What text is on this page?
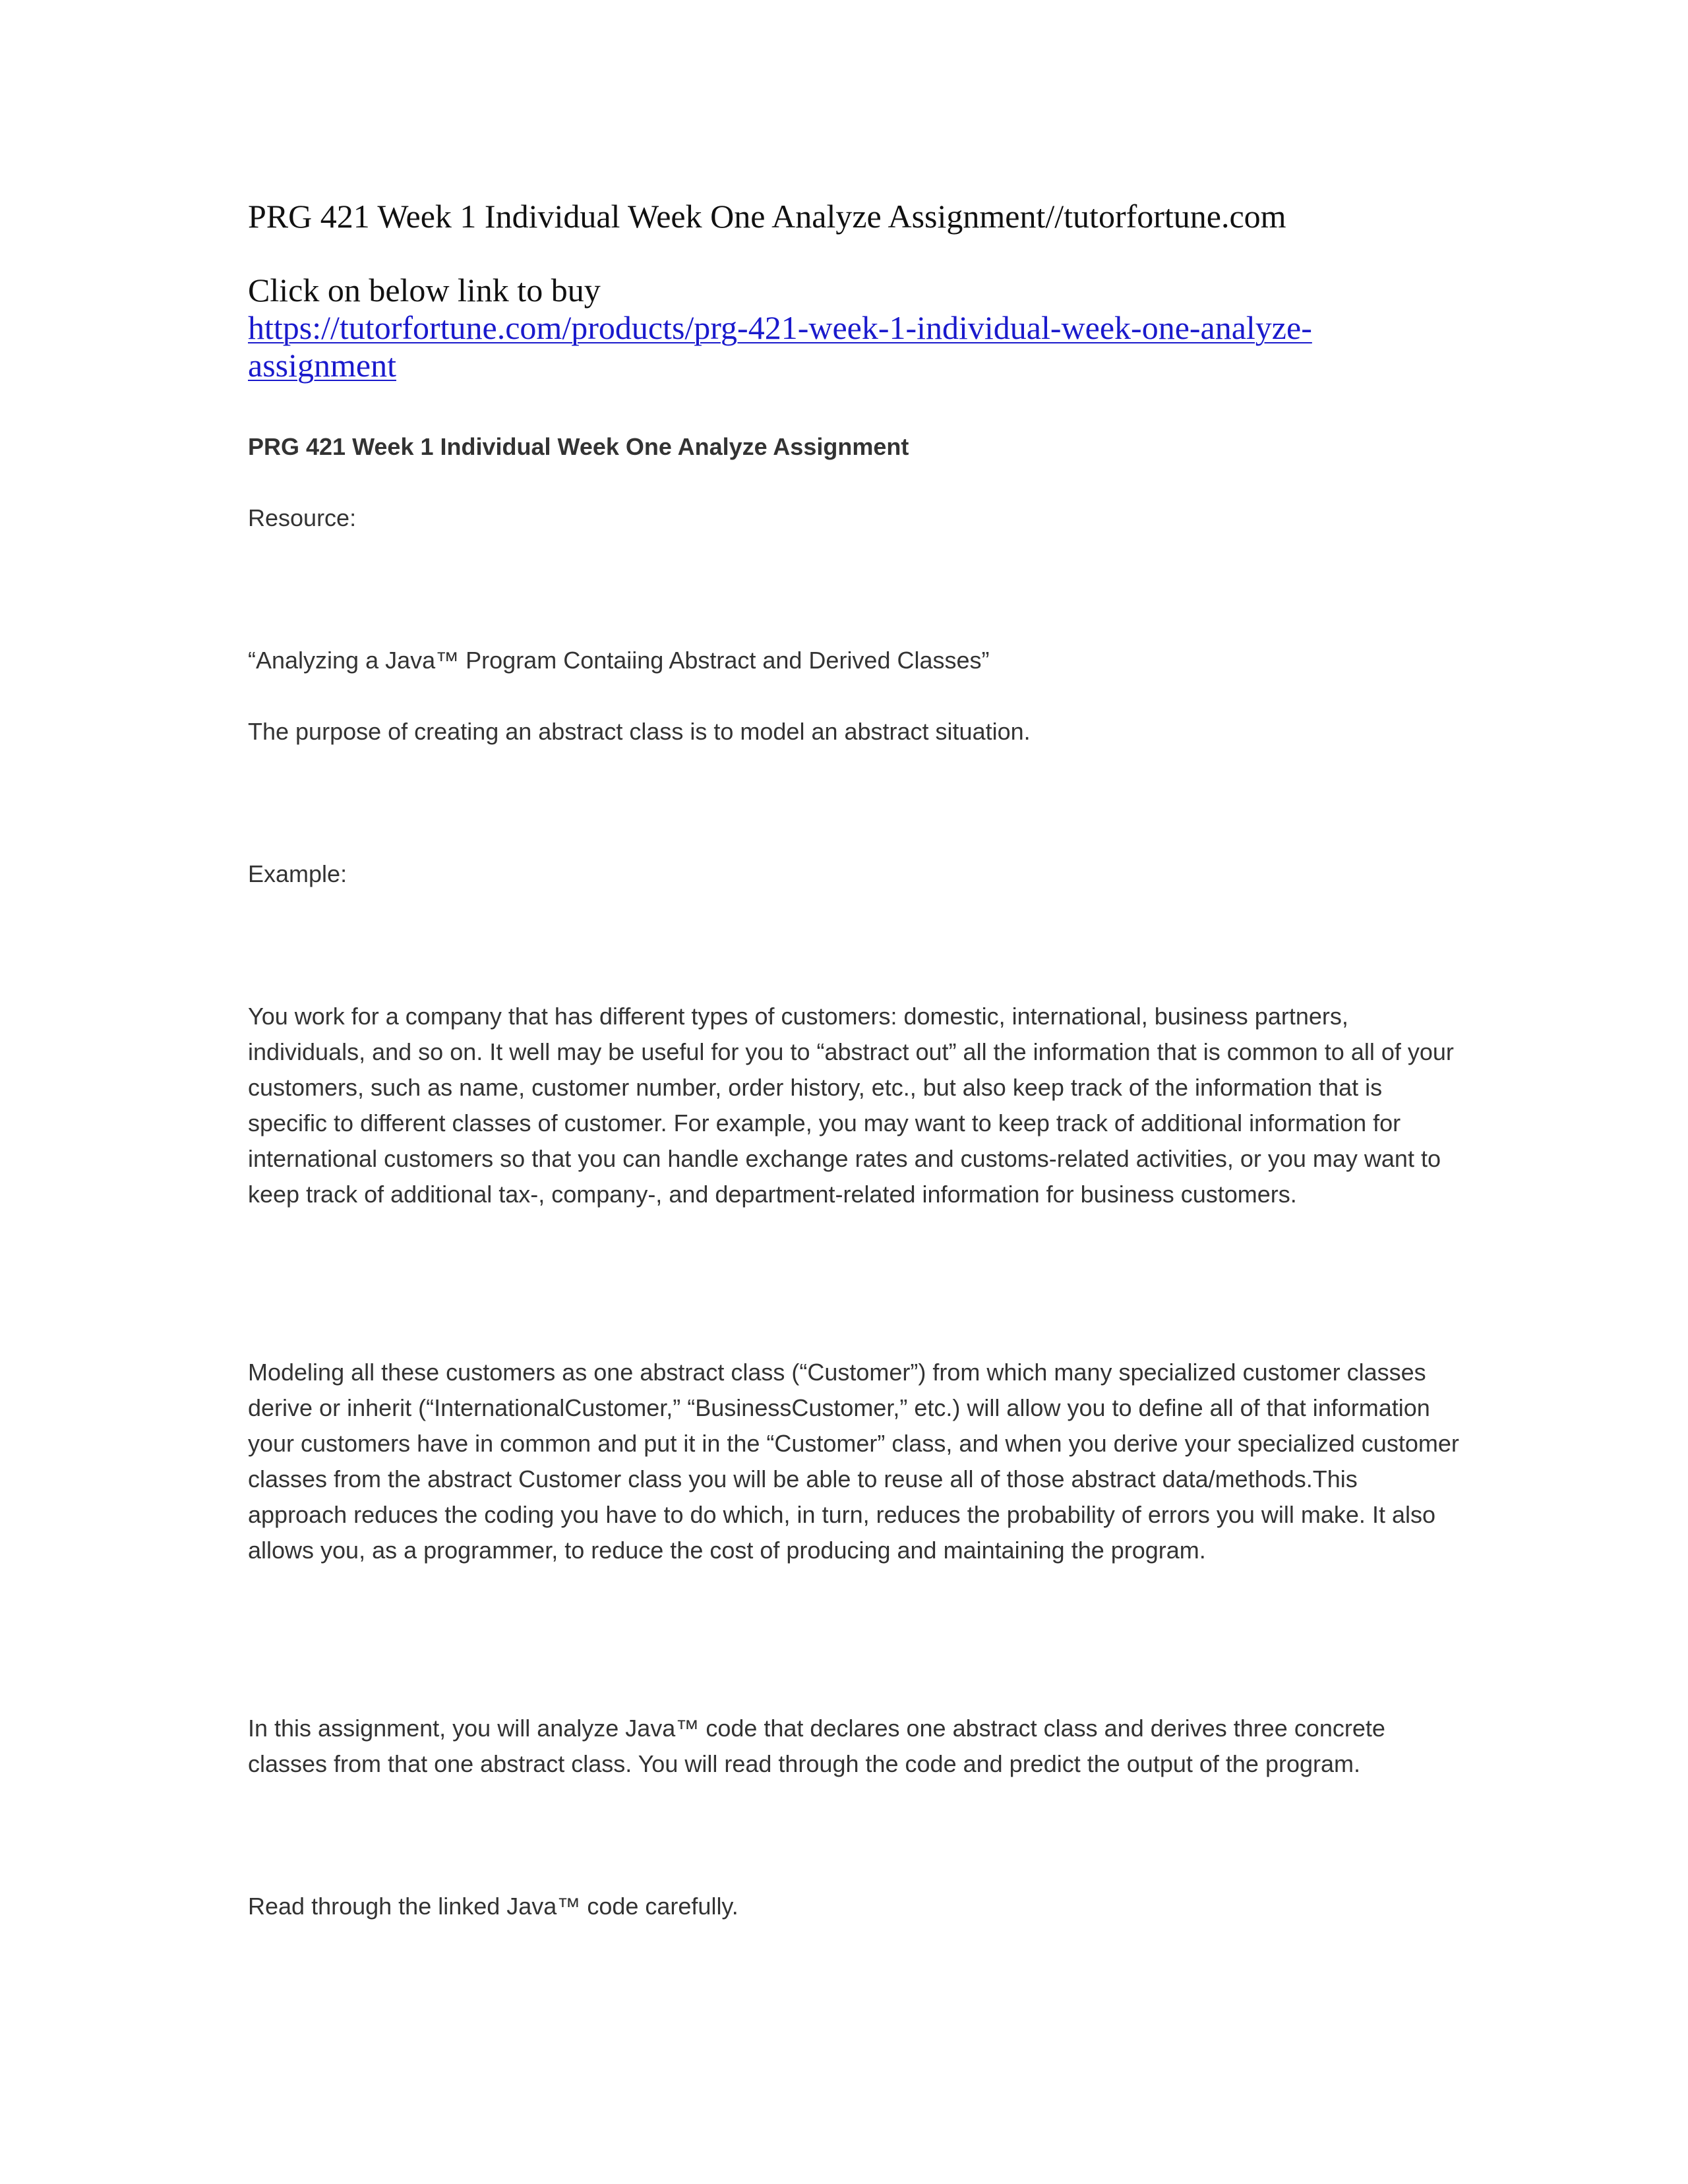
PRG 421 Week 1 Individual Week One Analyze Assignment//tutorfortune.com
Click on below link to buy
https://tutorfortune.com/products/prg-421-week-1-individual-week-one-analyze-
assignment
PRG 421 Week 1 Individual Week One Analyze Assignment

Resource:

“Analyzing a Java™ Program Contaiing Abstract and Derived Classes”

The purpose of creating an abstract class is to model an abstract situation.

Example:

You work for a company that has different types of customers: domestic, international, business partners, individuals, and so on. It well may be useful for you to “abstract out” all the information that is common to all of your customers, such as name, customer number, order history, etc., but also keep track of the information that is specific to different classes of customer. For example, you may want to keep track of additional information for international customers so that you can handle exchange rates and customs-related activities, or you may want to keep track of additional tax-, company-, and department-related information for business customers.

Modeling all these customers as one abstract class (“Customer”) from which many specialized customer classes derive or inherit (“InternationalCustomer,” “BusinessCustomer,” etc.) will allow you to define all of that information your customers have in common and put it in the “Customer” class, and when you derive your specialized customer classes from the abstract Customer class you will be able to reuse all of those abstract data/methods.This approach reduces the coding you have to do which, in turn, reduces the probability of errors you will make. It also allows you, as a programmer, to reduce the cost of producing and maintaining the program.

In this assignment, you will analyze Java™ code that declares one abstract class and derives three concrete classes from that one abstract class. You will read through the code and predict the output of the program.

Read through the linked Java™ code carefully.
